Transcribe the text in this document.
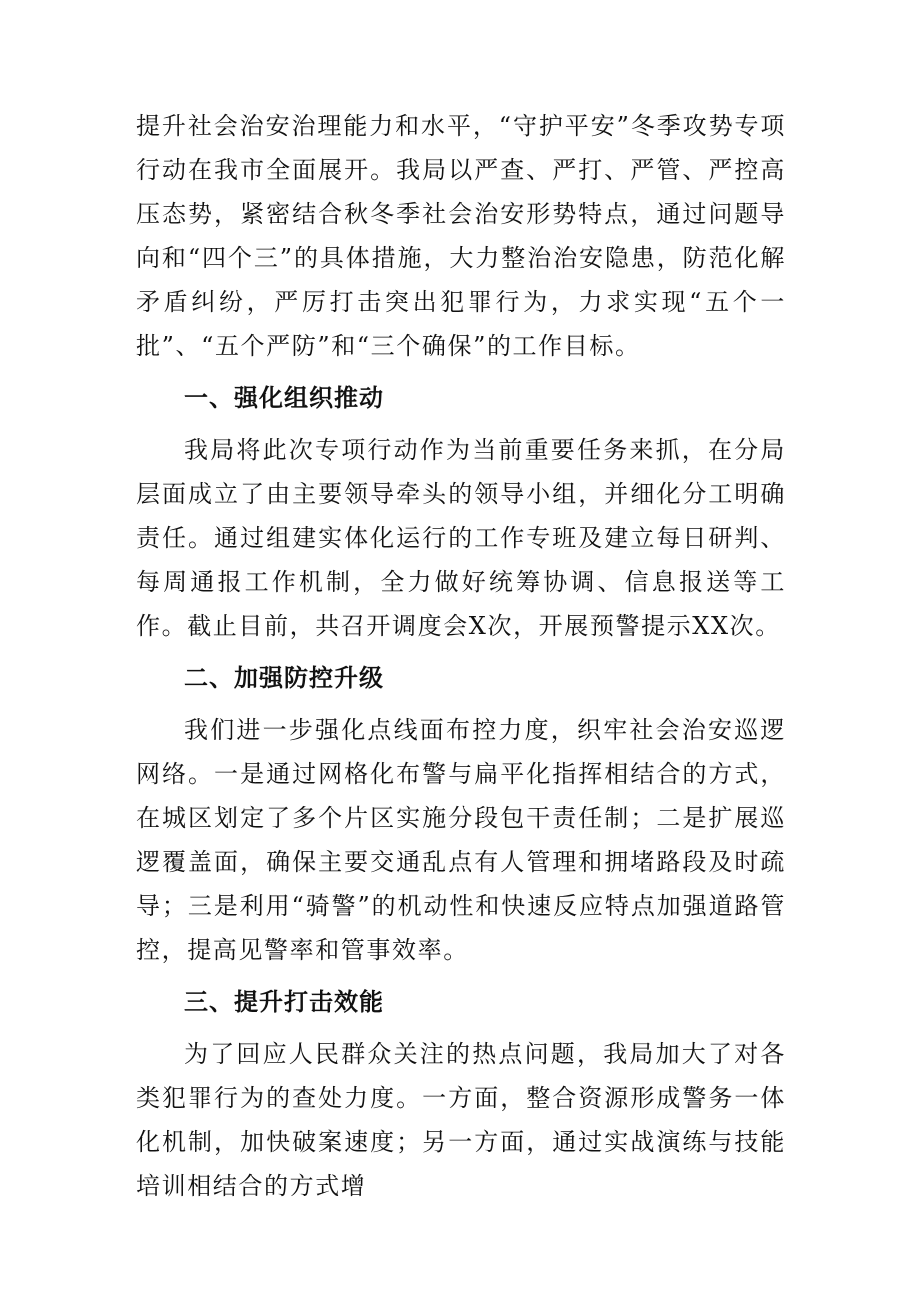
提升社会治安治理能力和水平，“守护平安”冬季攻势专项行动在我市全面展开。我局以严查、严打、严管、严控高压态势，紧密结合秋冬季社会治安形势特点，通过问题导向和“四个三”的具体措施，大力整治治安隐患，防范化解矛盾纠纷，严厉打击突出犯罪行为，力求实现“五个一批”、“五个严防”和“三个确保”的工作目标。

一、强化组织推动

我局将此次专项行动作为当前重要任务来抓，在分局层面成立了由主要领导牵头的领导小组，并细化分工明确责任。通过组建实体化运行的工作专班及建立每日研判、每周通报工作机制，全力做好统筹协调、信息报送等工作。截止目前，共召开调度会X次，开展预警提示XX次。

二、加强防控升级

我们进一步强化点线面布控力度，织牢社会治安巡逻网络。一是通过网格化布警与扁平化指挥相结合的方式，在城区划定了多个片区实施分段包干责任制；二是扩展巡逻覆盖面，确保主要交通乱点有人管理和拥堵路段及时疏导；三是利用“骑警”的机动性和快速反应特点加强道路管控，提高见警率和管事效率。

三、提升打击效能

为了回应人民群众关注的热点问题，我局加大了对各类犯罪行为的查处力度。一方面，整合资源形成警务一体化机制，加快破案速度；另一方面，通过实战演练与技能培训相结合的方式增
